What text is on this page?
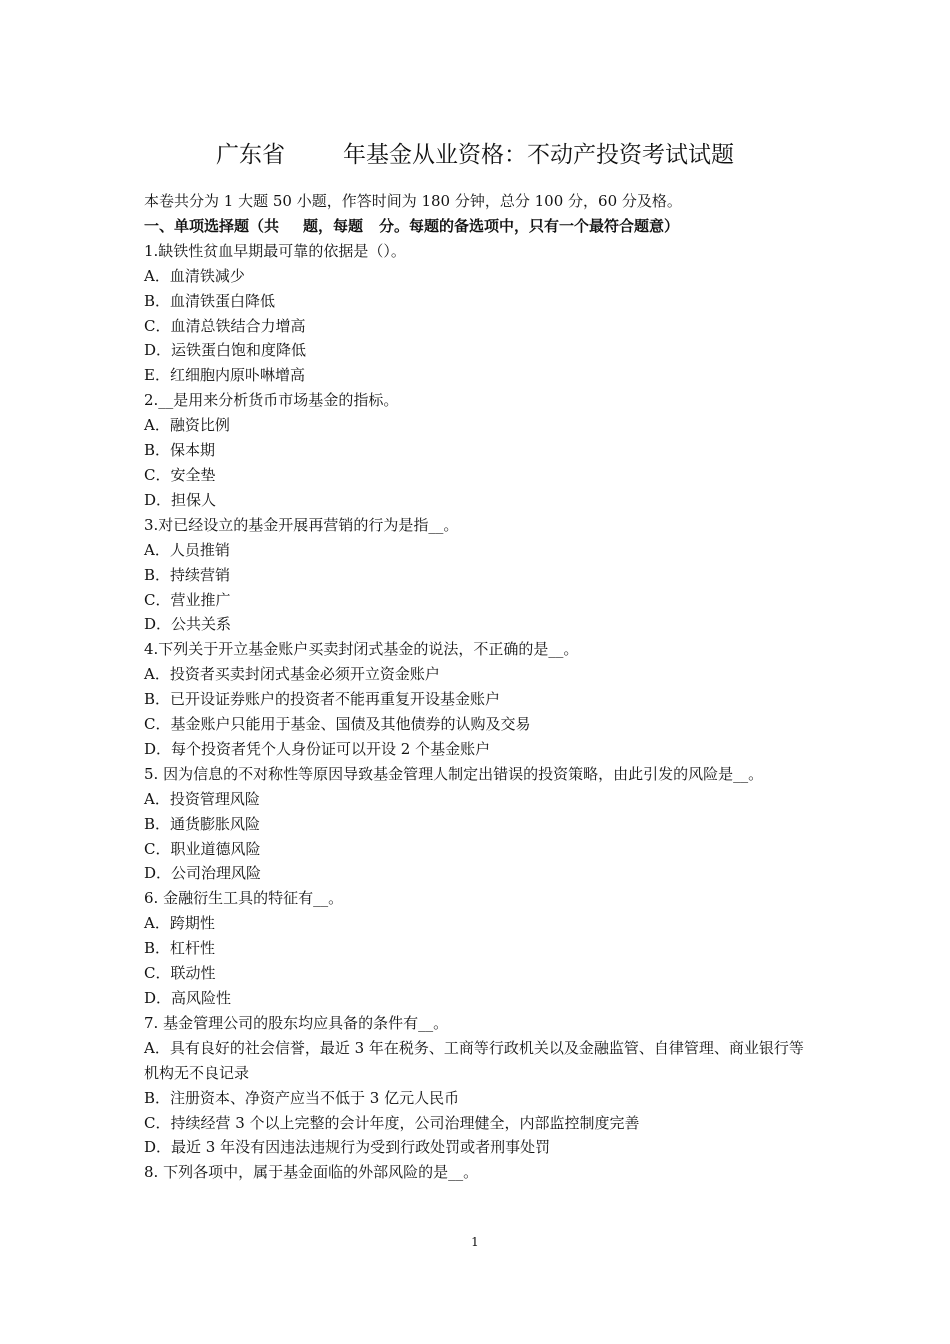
广东省	年基金从业资格：不动产投资考试试题
本卷共分为 1 大题 50 小题，作答时间为 180 分钟，总分 100 分，60 分及格。
一、单项选择题（共 题，每题 分。每题的备选项中，只有一个最符合题意）
1.缺铁性贫血早期最可靠的依据是（）。
A．血清铁减少
B．血清铁蛋白降低
C．血清总铁结合力增高
D．运铁蛋白饱和度降低
E．红细胞内原卟啉增高
2.__是用来分析货币市场基金的指标。
A．融资比例
B．保本期
C．安全垫
D．担保人
3.对已经设立的基金开展再营销的行为是指__。
A．人员推销
B．持续营销
C．营业推广
D．公共关系
4.下列关于开立基金账户买卖封闭式基金的说法，不正确的是__。
A．投资者买卖封闭式基金必须开立资金账户
B．已开设证券账户的投资者不能再重复开设基金账户
C．基金账户只能用于基金、国债及其他债券的认购及交易
D．每个投资者凭个人身份证可以开设 2 个基金账户
5. 因为信息的不对称性等原因导致基金管理人制定出错误的投资策略，由此引发的风险是__。
A．投资管理风险
B．通货膨胀风险
C．职业道德风险
D．公司治理风险
6. 金融衍生工具的特征有__。
A．跨期性
B．杠杆性
C．联动性
D．高风险性
7. 基金管理公司的股东均应具备的条件有__。
A．具有良好的社会信誉，最近 3 年在税务、工商等行政机关以及金融监管、自律管理、商业银行等机构无不良记录
B．注册资本、净资产应当不低于 3 亿元人民币
C．持续经营 3 个以上完整的会计年度，公司治理健全，内部监控制度完善
D．最近 3 年没有因违法违规行为受到行政处罚或者刑事处罚
8. 下列各项中，属于基金面临的外部风险的是__。
1
